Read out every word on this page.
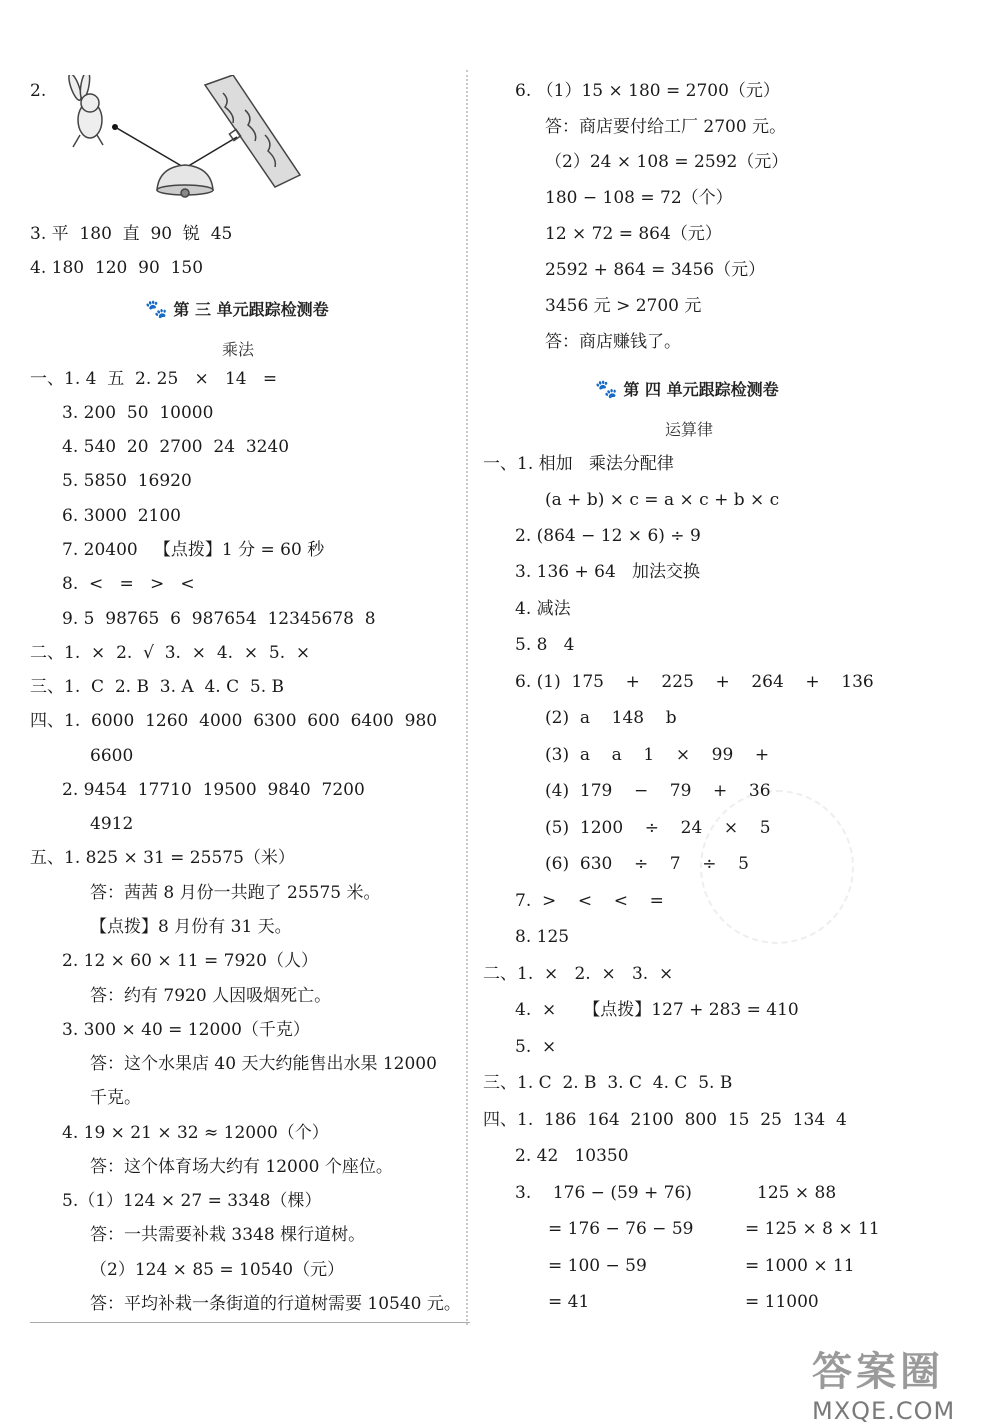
2.
3. 平  180  直  90  锐  45
4. 180  120  90  150
一、1. 4  五  2. 25   ×   14   =
3. 200  50  10000
4. 540  20  2700  24  3240
5. 5850  16920
6. 3000  2100
7. 20400   【点拨】1 分 = 60 秒
8.  <   =   >   <
9. 5  98765  6  987654  12345678  8
二、1.  ×  2.  √  3.  ×  4.  ×  5.  ×
三、1.  C  2. B  3. A  4. C  5. B
四、1.  6000  1260  4000  6300  600  6400  980
6600
2. 9454  17710  19500  9840  7200
4912
五、1. 825 × 31 = 25575（米）
答：茜茜 8 月份一共跑了 25575 米。
【点拨】8 月份有 31 天。
2. 12 × 60 × 11 = 7920（人）
答：约有 7920 人因吸烟死亡。
3. 300 × 40 = 12000（千克）
答：这个水果店 40 天大约能售出水果 12000
千克。
4. 19 × 21 × 32 ≈ 12000（个）
答：这个体育场大约有 12000 个座位。
5.（1）124 × 27 = 3348（棵）
答：一共需要补栽 3348 棵行道树。
（2）124 × 85 = 10540（元）
答：平均补栽一条街道的行道树需要 10540 元。
6. （1）15 × 180 = 2700（元）
答：商店要付给工厂 2700 元。
（2）24 × 108 = 2592（元）
180 − 108 = 72（个）
12 × 72 = 864（元）
2592 + 864 = 3456（元）
3456 元 > 2700 元
答：商店赚钱了。
一、1. 相加   乘法分配律
(a + b) × c = a × c + b × c
2. (864 − 12 × 6) ÷ 9
3. 136 + 64   加法交换
4. 减法
5. 8   4
6. (1)  175    +    225    +    264    +    136
(2)  a    148    b
(3)  a    a    1    ×    99    +
(4)  179    −    79    +    36
(5)  1200    ÷    24    ×    5
(6)  630    ÷    7    ÷    5
7.  >    <    <    =
8. 125
二、1.  ×   2.  ×   3.  ×
4.  ×     【点拨】127 + 283 = 410
5.  ×
三、1. C  2. B  3. C  4. C  5. B
四、1.  186  164  2100  800  15  25  134  4
2. 42   10350
3.    176 − (59 + 76)	125 × 88
= 176 − 76 − 59	= 125 × 8 × 11
= 100 − 59	= 1000 × 11
= 41	= 11000
🐾 第 三 单元跟踪检测卷
乘法
🐾 第 四 单元跟踪检测卷
运算律
答案圈
MXQE.COM
